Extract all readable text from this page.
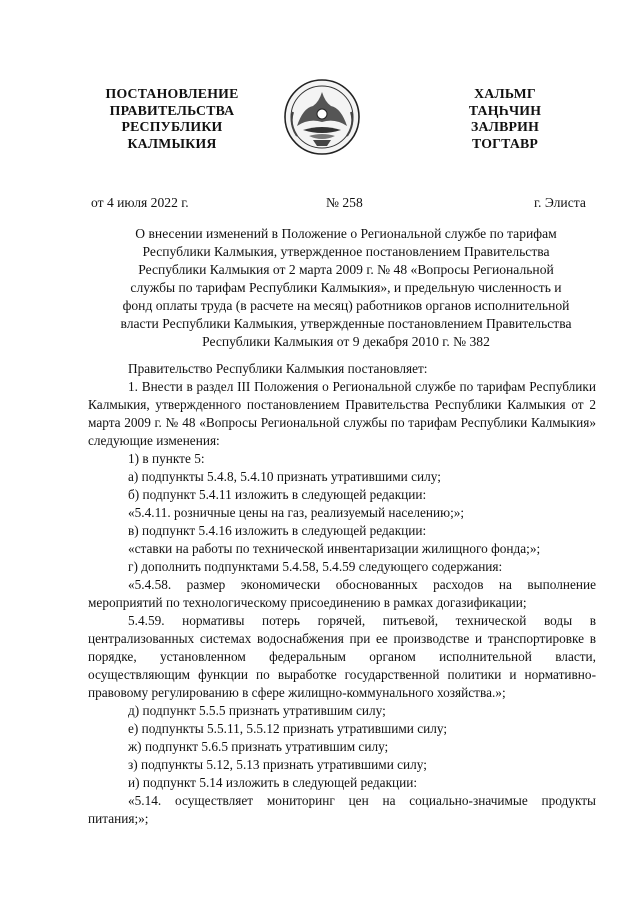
ПОСТАНОВЛЕНИЕ
ПРАВИТЕЛЬСТВА
РЕСПУБЛИКИ
КАЛМЫКИЯ
ХАЛЬМГ
ТАҢҺЧИН
ЗАЛВРИН
ТОГТАВР
от 4 июля 2022 г.	№ 258	г. Элиста
О внесении изменений в Положение о Региональной службе по тарифам
Республики Калмыкия, утвержденное постановлением Правительства
Республики Калмыкия от 2 марта 2009 г. № 48 «Вопросы Региональной
службы по тарифам Республики Калмыкия», и предельную численность и
фонд оплаты труда (в расчете на месяц) работников органов исполнительной
власти Республики Калмыкия, утвержденные постановлением Правительства
Республики Калмыкия от 9 декабря 2010 г. № 382

Правительство Республики Калмыкия постановляет:

1. Внести в раздел III Положения о Региональной службе по тарифам Республики Калмыкия, утвержденного постановлением Правительства Республики Калмыкия от 2 марта 2009 г. № 48 «Вопросы Региональной службы по тарифам Республики Калмыкия» следующие изменения:

1) в пункте 5:

а) подпункты 5.4.8, 5.4.10 признать утратившими силу;

б) подпункт 5.4.11 изложить в следующей редакции:

«5.4.11. розничные цены на газ, реализуемый населению;»;

в) подпункт 5.4.16 изложить в следующей редакции:

«ставки на работы по технической инвентаризации жилищного фонда;»;

г) дополнить подпунктами 5.4.58, 5.4.59 следующего содержания:

«5.4.58. размер экономически обоснованных расходов на выполнение мероприятий по технологическому присоединению в рамках догазификации;

5.4.59. нормативы потерь горячей, питьевой, технической воды в централизованных системах водоснабжения при ее производстве и транспортировке в порядке, установленном федеральным органом исполнительной власти, осуществляющим функции по выработке государственной политики и нормативно-правовому регулированию в сфере жилищно-коммунального хозяйства.»;

д) подпункт 5.5.5 признать утратившим силу;

е) подпункты 5.5.11, 5.5.12 признать утратившими силу;

ж) подпункт 5.6.5 признать утратившим силу;

з) подпункты 5.12, 5.13 признать утратившими силу;

и) подпункт 5.14 изложить в следующей редакции:

«5.14. осуществляет мониторинг цен на социально-значимые продукты питания;»;
